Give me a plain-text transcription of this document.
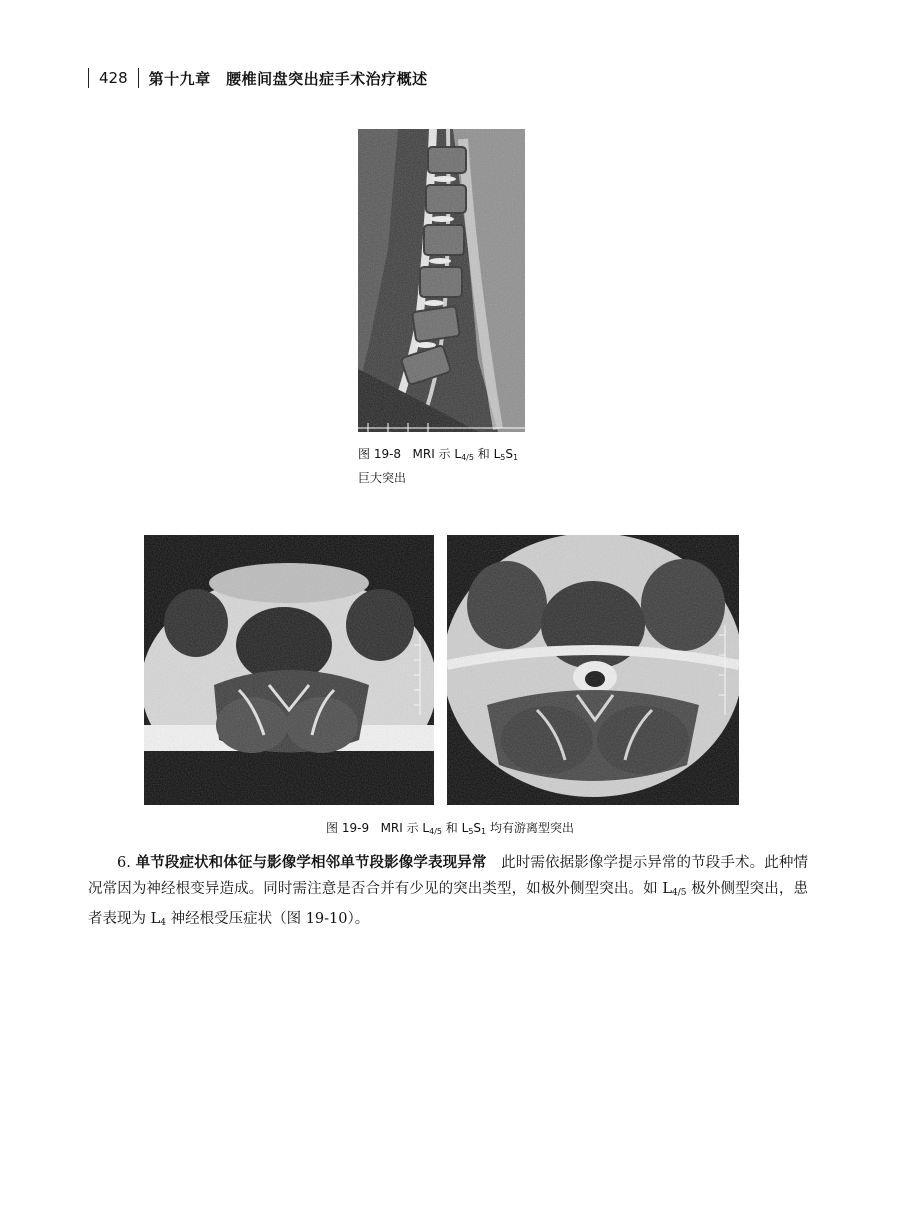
428 第十九章　腰椎间盘突出症手术治疗概述
图 19-8 MRI 示 $L_{4/5}$ 和 $L_5S_1$
巨大突出
图 19-9 MRI 示 $L_{4/5}$ 和 $L_5S_1$ 均有游离型突出

6. 单节段症状和体征与影像学相邻单节段影像学表现异常　此时需依据影像学提示异常的节段手术。此种情况常因为神经根变异造成。同时需注意是否合并有少见的突出类型，如极外侧型突出。如 $L_{4/5}$ 极外侧型突出，患者表现为 $L_4$ 神经根受压症状（图 19-10）。
